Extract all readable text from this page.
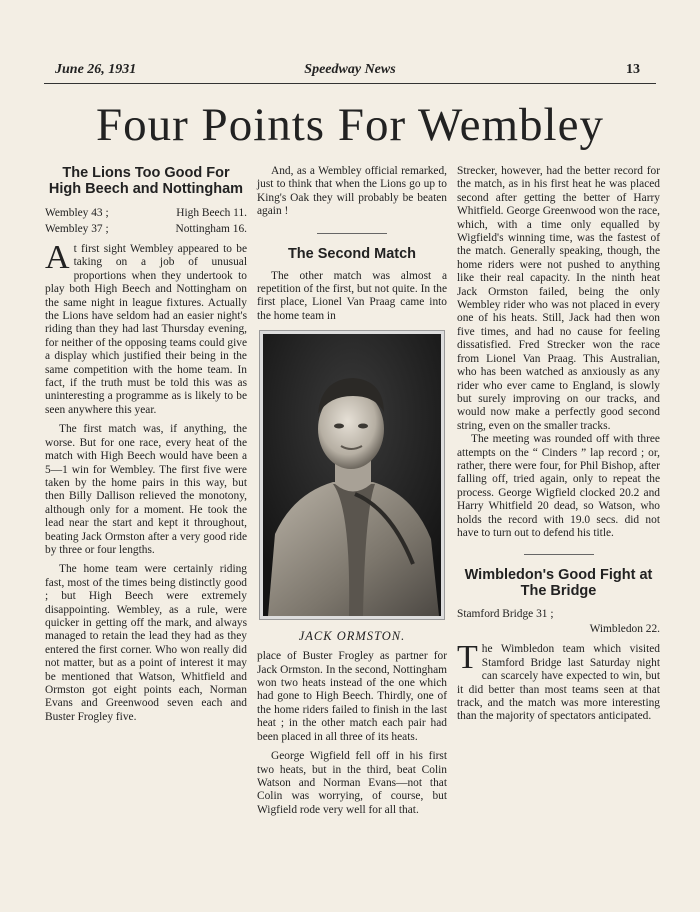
Speedway News
June 26, 1931	13
Four Points For Wembley
The Lions Too Good For High Beech and Nottingham
Wembley 43 ;	High Beech 11.
Wembley 37 ;	Nottingham 16.

At first sight Wembley appeared to be taking on a job of unusual proportions when they undertook to play both High Beech and Nottingham on the same night in league fixtures. Actually the Lions have seldom had an easier night's riding than they had last Thursday evening, for neither of the opposing teams could give a display which justified their being in the same competition with the home team. In fact, if the truth must be told this was as uninteresting a programme as is likely to be seen anywhere this year.

The first match was, if anything, the worse. But for one race, every heat of the match with High Beech would have been a 5—1 win for Wembley. The first five were taken by the home pairs in this way, but then Billy Dallison relieved the monotony, although only for a moment. He took the lead near the start and kept it throughout, beating Jack Ormston after a very good ride by three or four lengths.

The home team were certainly riding fast, most of the times being distinctly good ; but High Beech were extremely disappointing. Wembley, as a rule, were quicker in getting off the mark, and always managed to retain the lead they had as they entered the first corner. Who won really did not matter, but as a point of interest it may be mentioned that Watson, Whitfield and Ormston got eight points each, Norman Evans and Greenwood seven each and Buster Frogley five.

And, as a Wembley official remarked, just to think that when the Lions go up to King's Oak they will probably be beaten again !

The Second Match

The other match was almost a repetition of the first, but not quite. In the first place, Lionel Van Praag came into the home team in

JACK ORMSTON.

place of Buster Frogley as partner for Jack Ormston. In the second, Nottingham won two heats instead of the one which had gone to High Beech. Thirdly, one of the home riders failed to finish in the last heat ; in the other match each pair had been placed in all three of its heats.

George Wigfield fell off in his first two heats, but in the third, beat Colin Watson and Norman Evans—not that Colin was worrying, of course, but Wigfield rode very well for all that.

Strecker, however, had the better record for the match, as in his first heat he was placed second after getting the better of Harry Whitfield. George Greenwood won the race, which, with a time only equalled by Wigfield's winning time, was the fastest of the match. Generally speaking, though, the home riders were not pushed to anything like their real capacity. In the ninth heat Jack Ormston failed, being the only Wembley rider who was not placed in every one of his heats. Still, Jack had then won five times, and had no cause for feeling dissatisfied. Fred Strecker won the race from Lionel Van Praag. This Australian, who has been watched as anxiously as any rider who ever came to England, is slowly but surely improving on our tracks, and would now make a perfectly good second string, even on the smaller tracks.

The meeting was rounded off with three attempts on the “ Cinders ” lap record ; or, rather, there were four, for Phil Bishop, after falling off, tried again, only to repeat the process. George Wigfield clocked 20.2 and Harry Whitfield 20 dead, so Watson, who holds the record with 19.0 secs. did not have to turn out to defend his title.

Wimbledon's Good Fight at The Bridge
Stamford Bridge 31 ;
Wimbledon 22.

The Wimbledon team which visited Stamford Bridge last Saturday night can scarcely have expected to win, but it did better than most teams seen at that track, and the match was more interesting than the majority of spectators anticipated.
